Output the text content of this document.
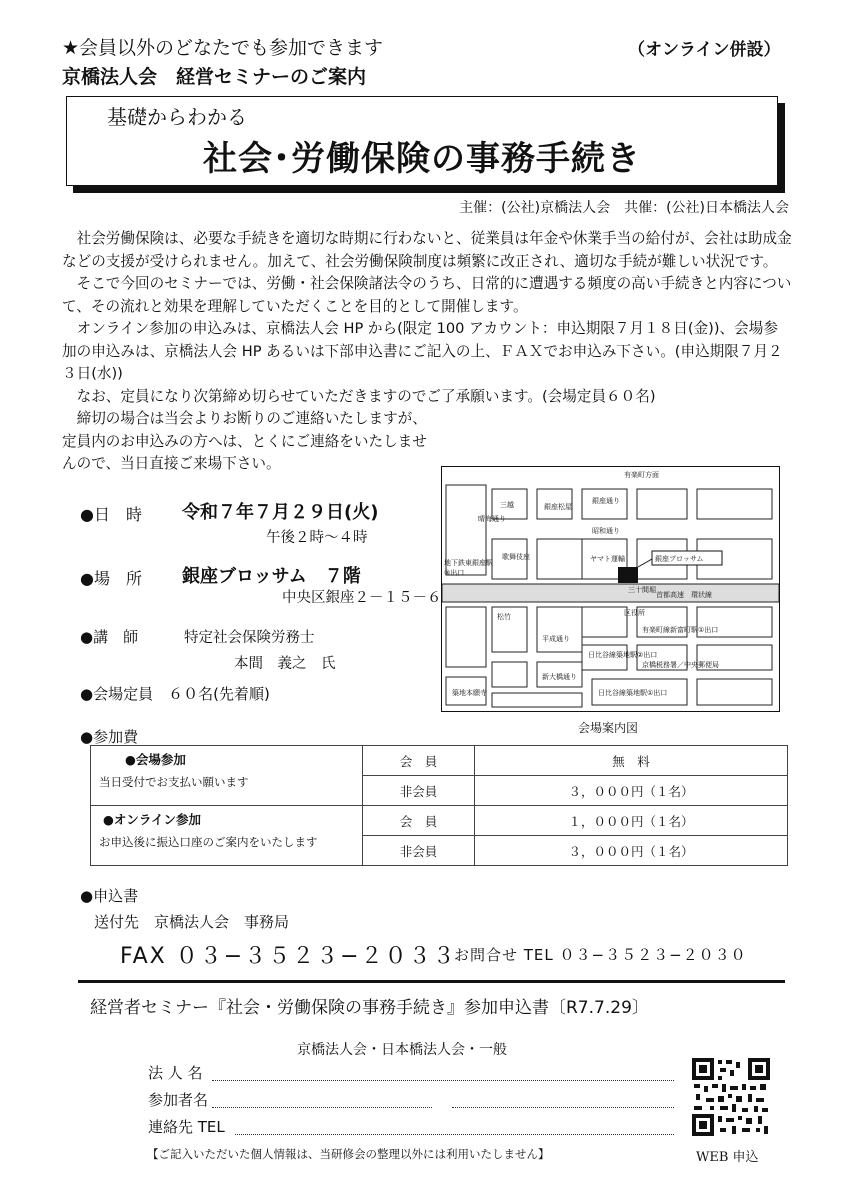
★会員以外のどなたでも参加できます	（オンライン併設）
京橋法人会　経営セミナーのご案内
基礎からわかる
社会･労働保険の事務手続き
主催：(公社)京橋法人会　共催：(公社)日本橋法人会

社会労働保険は、必要な手続きを適切な時期に行わないと、従業員は年金や休業手当の給付が、会社は助成金などの支援が受けられません。加えて、社会労働保険制度は頻繁に改正され、適切な手続が難しい状況です。

そこで今回のセミナーでは、労働・社会保険諸法令のうち、日常的に遭遇する頻度の高い手続きと内容について、その流れと効果を理解していただくことを目的として開催します。

オンライン参加の申込みは、京橋法人会 HP から(限定 100 アカウント：申込期限７月１８日(金))、会場参加の申込みは、京橋法人会 HP あるいは下部申込書にご記入の上、ＦＡＸでお申込み下さい。(申込期限７月２３日(水))

なお、定員になり次第締め切らせていただきますのでご了承願います。(会場定員６０名)

締切の場合は当会よりお断りのご連絡いたしますが、定員内のお申込みの方へは、とくにご連絡をいたしませんので、当日直接ご来場下さい。

●日　時 令和７年７月２９日(火)
午後２時～４時
●場　所 銀座ブロッサム　７階
中央区銀座２－１５－６
●講　師	特定社会保険労務士
本間　義之　氏
●会場定員　６０名(先着順)
有楽町方面
銀座通り
晴海通り
三越	銀座松屋
昭和通り
地下鉄東銀座駅
③出口
歌舞伎座	ヤマト運輸	銀座ブロッサム
三十間堀
首都高速　環状線
松竹	区役所
有楽町線新富町駅①出口
平成通り
日比谷線築地駅②出口
京橋税務署／中央郵便局
新大橋通り
築地本願寺	日比谷線築地駅①出口
会場案内図
●参加費
●会場参加
当日受付でお支払い願います	会　員	無　料
	非会員	３，０００円（１名）

●オンライン参加
お申込後に振込口座のご案内をいたします	会　員	１，０００円（１名）
	非会員	３，０００円（１名）
●申込書
送付先　京橋法人会　事務局
FAX ０３−３５２３−２０３３
お問合せ TEL ０３−３５２３−２０３０
経営者セミナー『社会・労働保険の事務手続き』参加申込書〔R7.7.29〕
京橋法人会・日本橋法人会・一般
法 人 名
参加者名
連絡先 TEL
【ご記入いただいた個人情報は、当研修会の整理以外には利用いたしません】	WEB 申込
